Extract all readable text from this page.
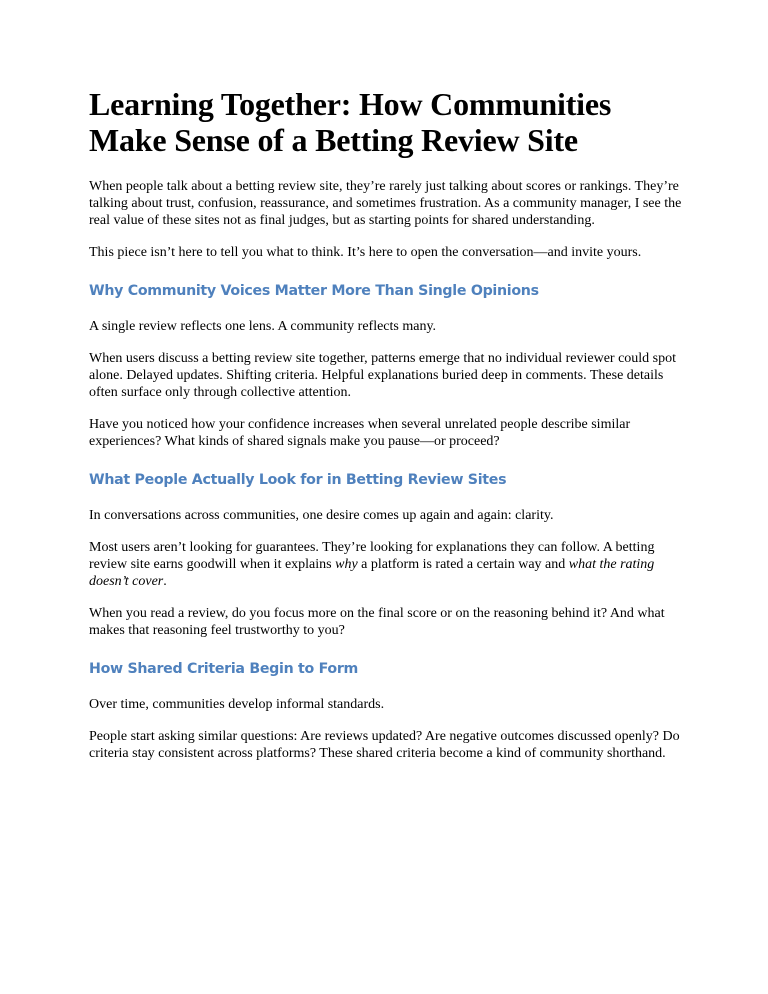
Learning Together: How Communities Make Sense of a Betting Review Site

When people talk about a betting review site, they’re rarely just talking about scores or rankings. They’re talking about trust, confusion, reassurance, and sometimes frustration. As a community manager, I see the real value of these sites not as final judges, but as starting points for shared understanding.

This piece isn’t here to tell you what to think. It’s here to open the conversation—and invite yours.

Why Community Voices Matter More Than Single Opinions

A single review reflects one lens. A community reflects many.

When users discuss a betting review site together, patterns emerge that no individual reviewer could spot alone. Delayed updates. Shifting criteria. Helpful explanations buried deep in comments. These details often surface only through collective attention.

Have you noticed how your confidence increases when several unrelated people describe similar experiences? What kinds of shared signals make you pause—or proceed?

What People Actually Look for in Betting Review Sites

In conversations across communities, one desire comes up again and again: clarity.

Most users aren’t looking for guarantees. They’re looking for explanations they can follow. A betting review site earns goodwill when it explains why a platform is rated a certain way and what the rating doesn’t cover.

When you read a review, do you focus more on the final score or on the reasoning behind it? And what makes that reasoning feel trustworthy to you?

How Shared Criteria Begin to Form

Over time, communities develop informal standards.

People start asking similar questions: Are reviews updated? Are negative outcomes discussed openly? Do criteria stay consistent across platforms? These shared criteria become a kind of community shorthand.
